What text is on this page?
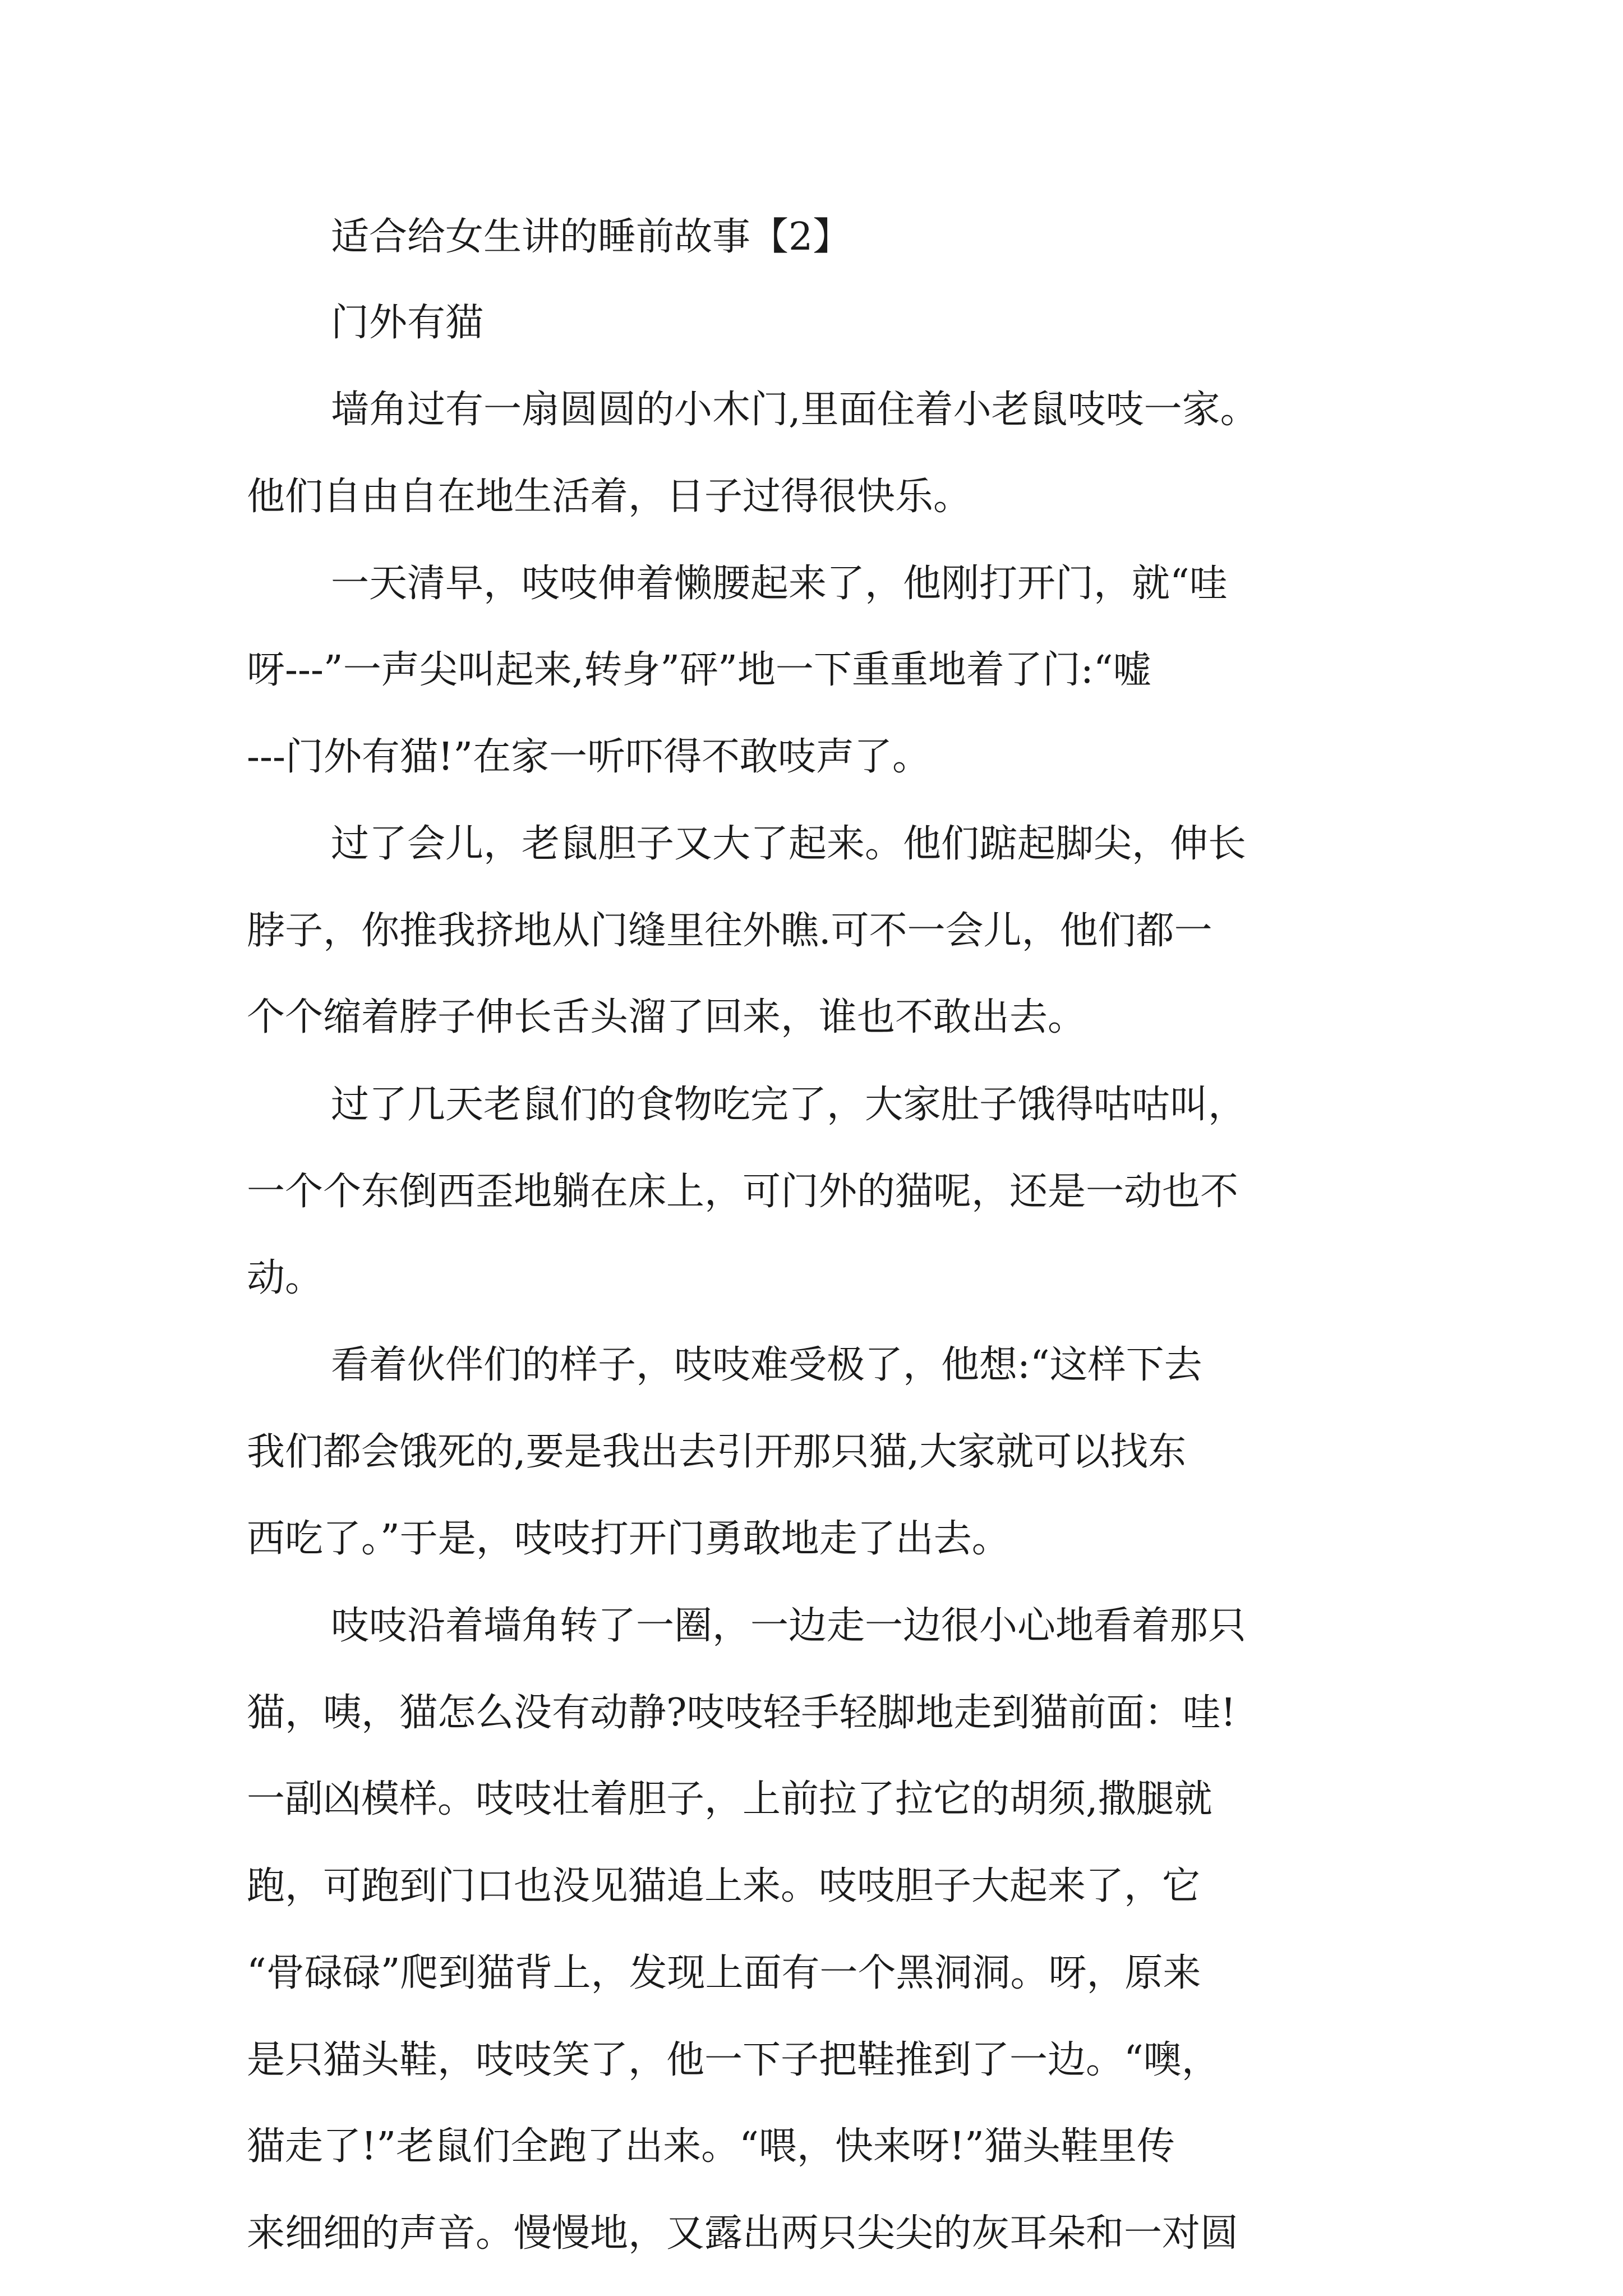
适合给女生讲的睡前故事【2】
门外有猫
墙角过有一扇圆圆的小木门,里面住着小老鼠吱吱一家。
他们自由自在地生活着，日子过得很快乐。
一天清早，吱吱伸着懒腰起来了，他刚打开门，就“哇
呀---”一声尖叫起来,转身”砰”地一下重重地着了门:“嘘
---门外有猫!”在家一听吓得不敢吱声了。
过了会儿，老鼠胆子又大了起来。他们踮起脚尖，伸长
脖子，你推我挤地从门缝里往外瞧.可不一会儿，他们都一
个个缩着脖子伸长舌头溜了回来，谁也不敢出去。
过了几天老鼠们的食物吃完了，大家肚子饿得咕咕叫，
一个个东倒西歪地躺在床上，可门外的猫呢，还是一动也不
动。
看着伙伴们的样子，吱吱难受极了，他想:“这样下去
我们都会饿死的,要是我出去引开那只猫,大家就可以找东
西吃了。”于是，吱吱打开门勇敢地走了出去。
吱吱沿着墙角转了一圈，一边走一边很小心地看着那只
猫，咦，猫怎么没有动静?吱吱轻手轻脚地走到猫前面：哇!
一副凶模样。吱吱壮着胆子，上前拉了拉它的胡须,撒腿就
跑，可跑到门口也没见猫追上来。吱吱胆子大起来了，它
“骨碌碌”爬到猫背上，发现上面有一个黑洞洞。呀，原来
是只猫头鞋，吱吱笑了，他一下子把鞋推到了一边。“噢，
猫走了!”老鼠们全跑了出来。“喂，快来呀!”猫头鞋里传
来细细的声音。慢慢地，又露出两只尖尖的灰耳朵和一对圆
